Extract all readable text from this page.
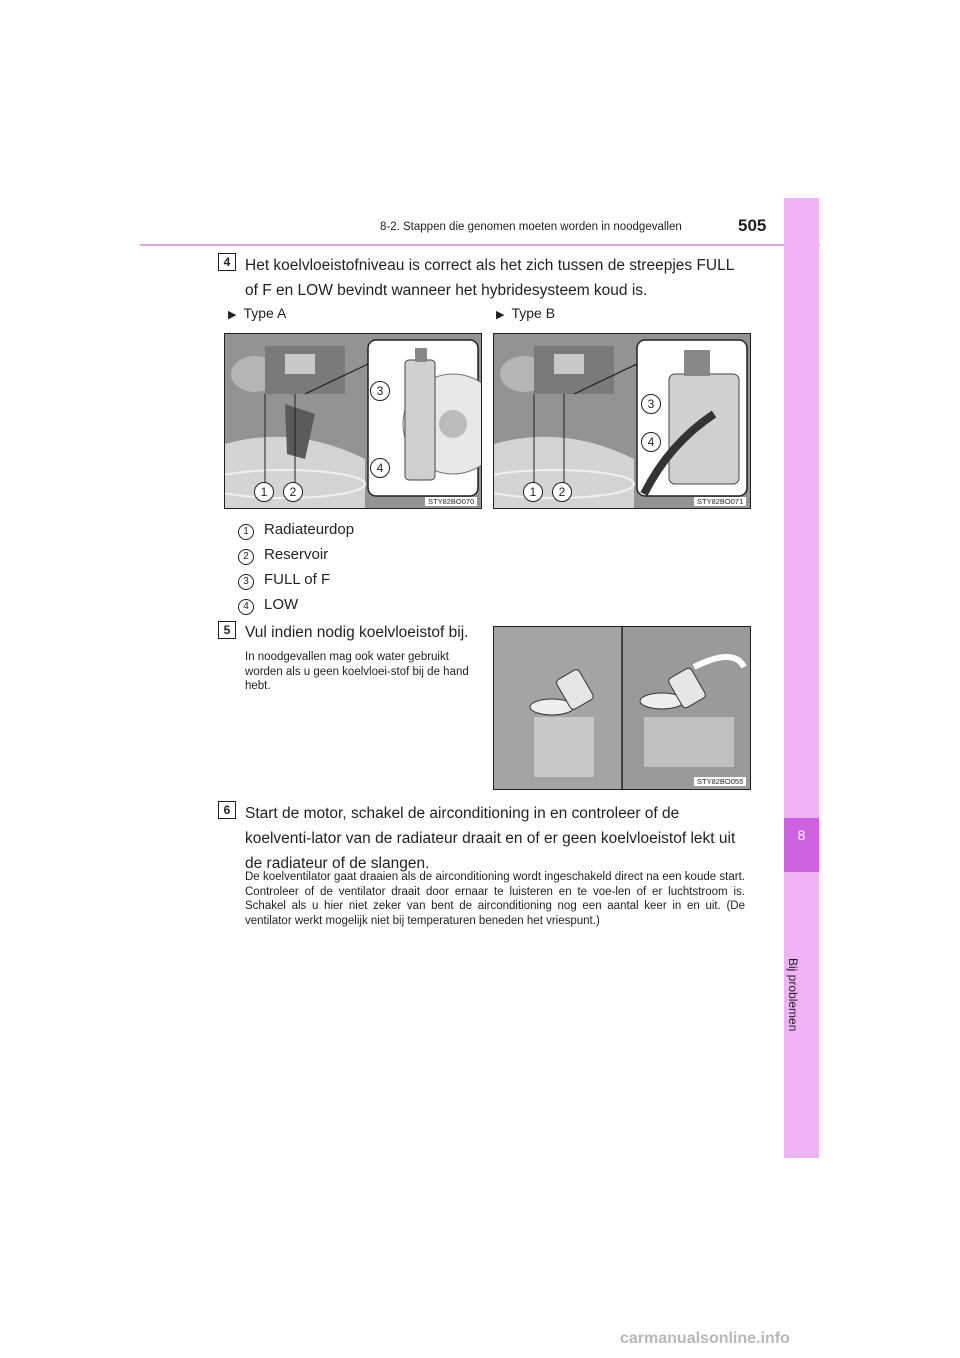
8-2. Stappen die genomen moeten worden in noodgevallen	505
8
Bij problemen
4 Het koelvloeistofniveau is correct als het zich tussen de streepjes FULL of F en LOW bevindt wanneer het hybridesysteem koud is.
▶ Type A	▶ Type B
3
4
1	2
STY82BO070
3
4
1	2
STY82BO071
1 Radiateurdop
2 Reservoir
3 FULL of F
4 LOW
5 Vul indien nodig koelvloeistof bij.
In noodgevallen mag ook water gebruikt worden als u geen koelvloei-stof bij de hand hebt.
STY82BO055
6 Start de motor, schakel de airconditioning in en controleer of de koelventi-lator van de radiateur draait en of er geen koelvloeistof lekt uit de radiateur of de slangen.
De koelventilator gaat draaien als de airconditioning wordt ingeschakeld direct na een koude start. Controleer of de ventilator draait door ernaar te luisteren en te voe-len of er luchtstroom is. Schakel als u hier niet zeker van bent de airconditioning nog een aantal keer in en uit. (De ventilator werkt mogelijk niet bij temperaturen beneden het vriespunt.)
carmanualsonline.info
